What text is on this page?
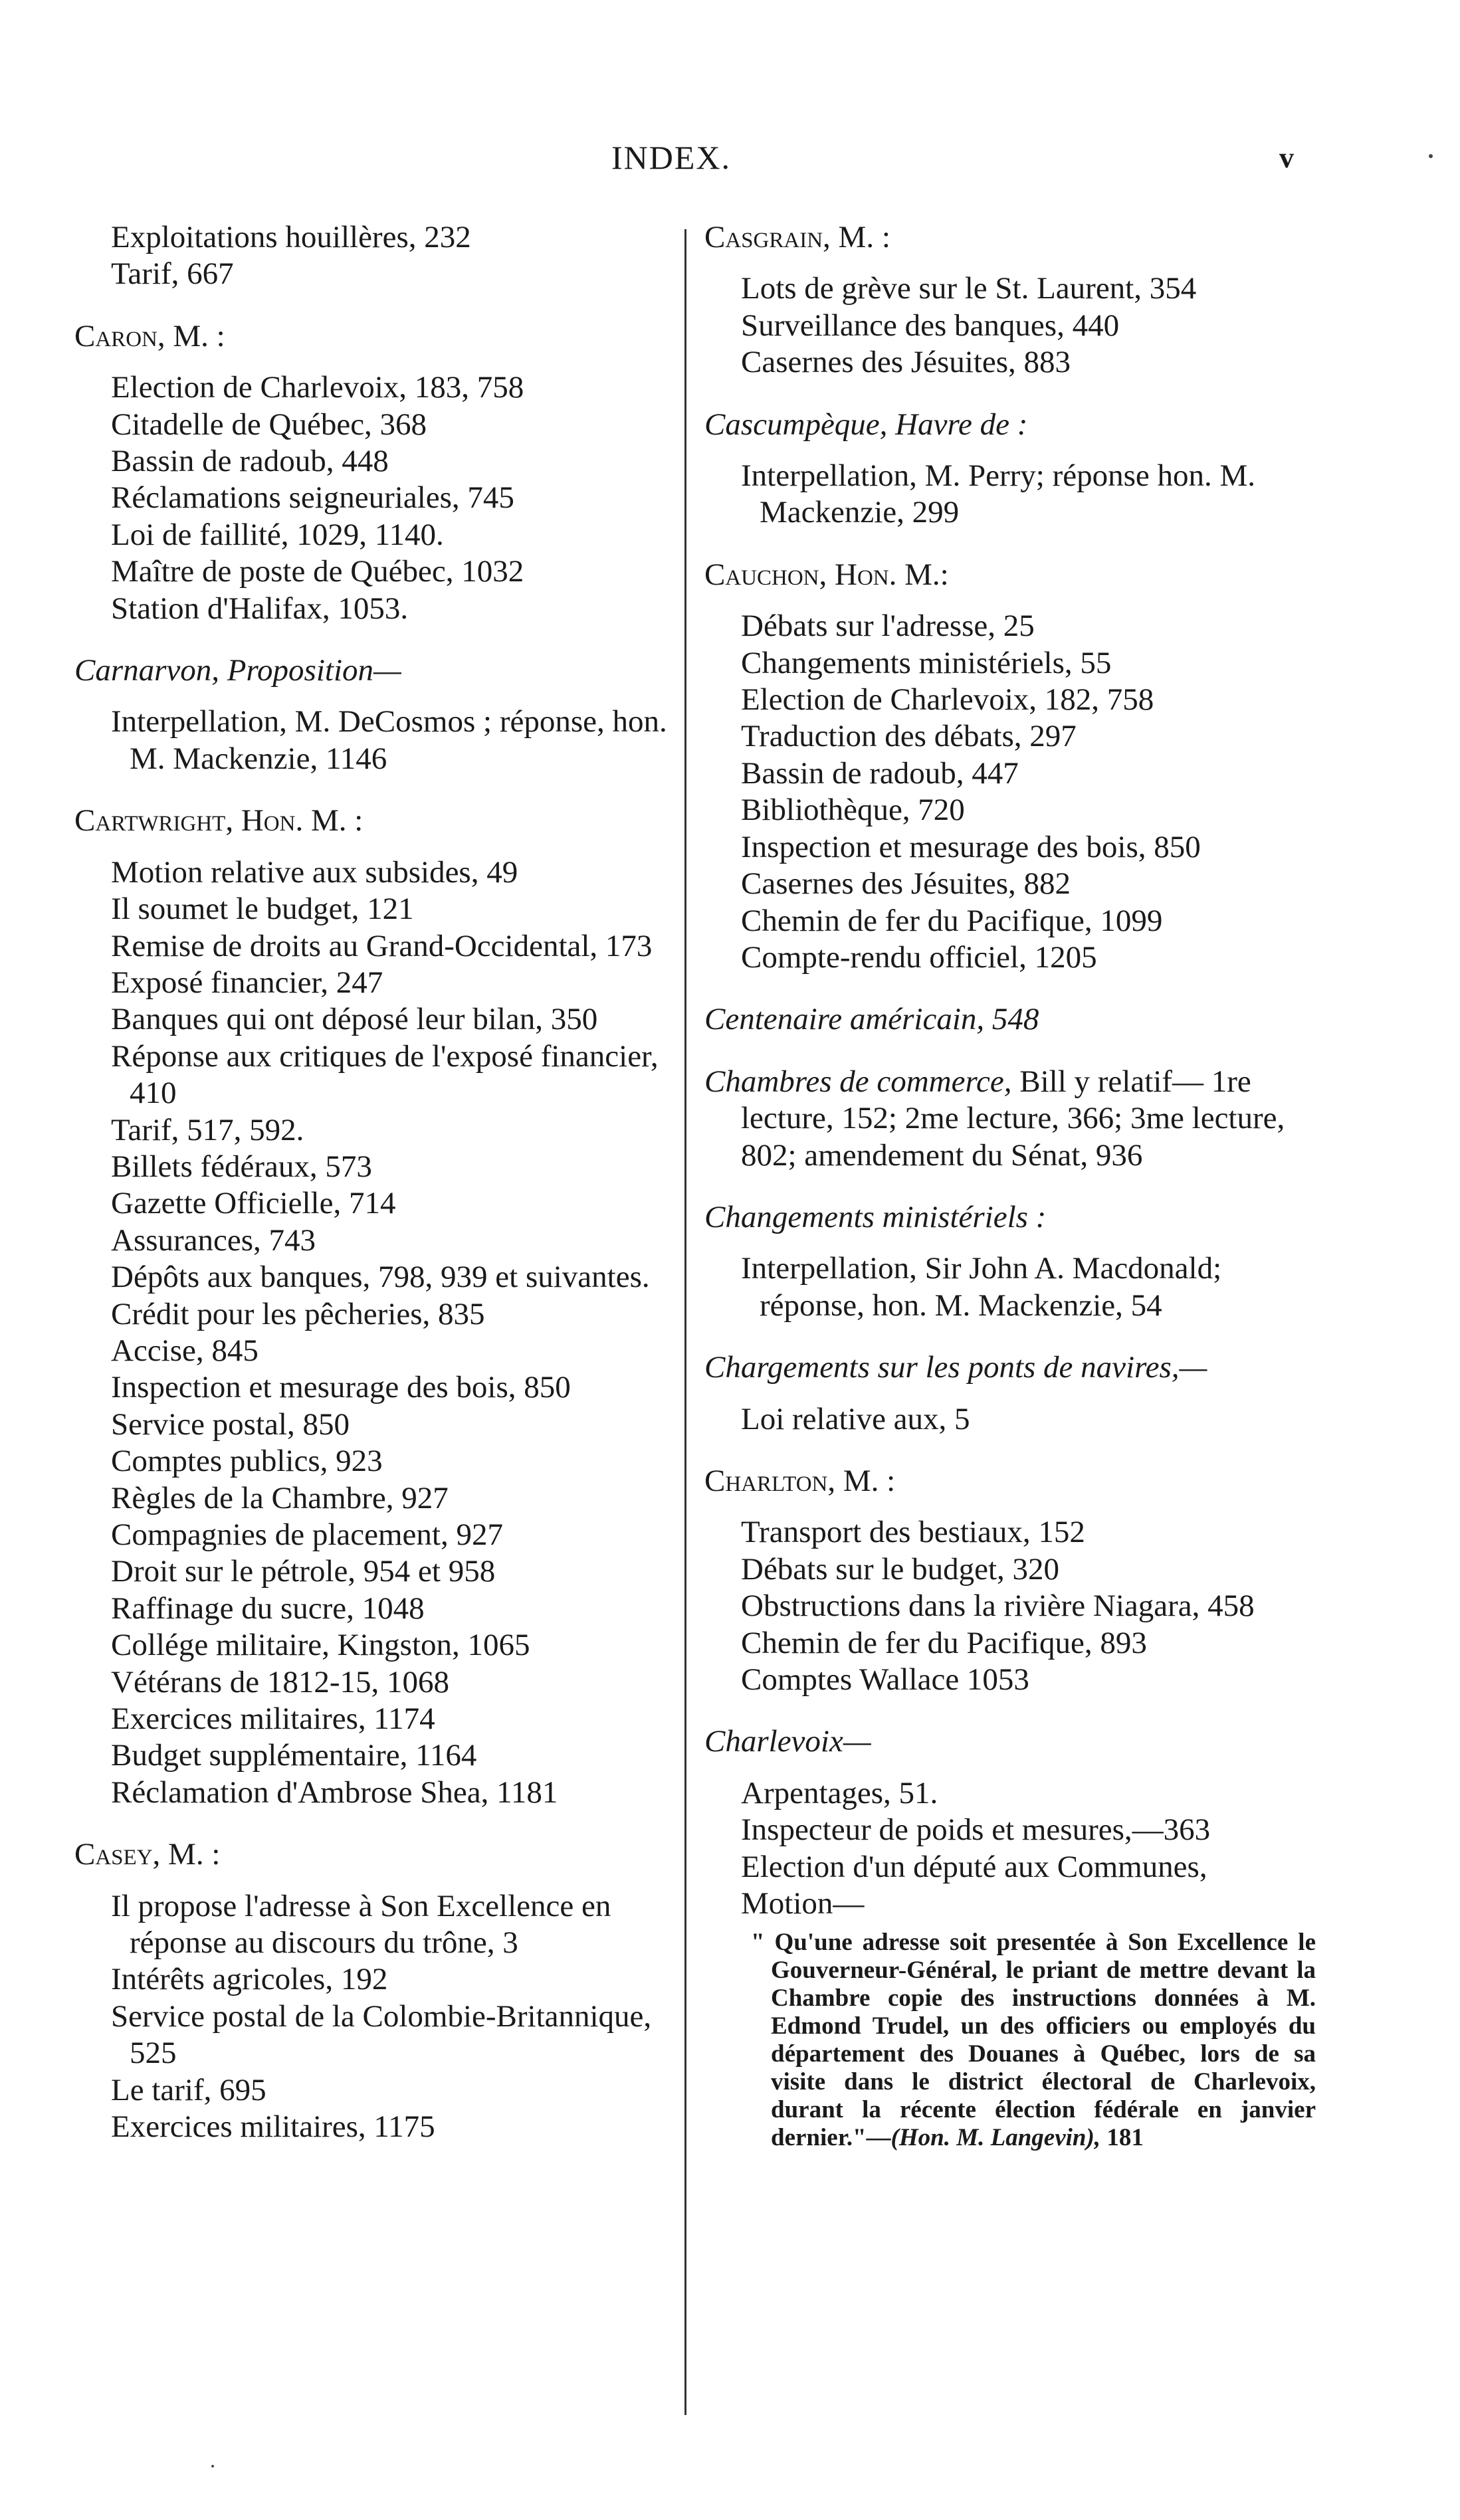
INDEX.	v
Exploitations houillères, 232
Tarif, 667
Caron, M. :
Election de Charlevoix, 183, 758
Citadelle de Québec, 368
Bassin de radoub, 448
Réclamations seigneuriales, 745
Loi de faillité, 1029, 1140.
Maître de poste de Québec, 1032
Station d'Halifax, 1053.
Carnarvon, Proposition—
Interpellation, M. DeCosmos ; réponse, hon. M. Mackenzie, 1146
Cartwright, Hon. M. :
Motion relative aux subsides, 49
Il soumet le budget, 121
Remise de droits au Grand-Occidental, 173
Exposé financier, 247
Banques qui ont déposé leur bilan, 350
Réponse aux critiques de l'exposé financier, 410
Tarif, 517, 592.
Billets fédéraux, 573
Gazette Officielle, 714
Assurances, 743
Dépôts aux banques, 798, 939 et suivantes.
Crédit pour les pêcheries, 835
Accise, 845
Inspection et mesurage des bois, 850
Service postal, 850
Comptes publics, 923
Règles de la Chambre, 927
Compagnies de placement, 927
Droit sur le pétrole, 954 et 958
Raffinage du sucre, 1048
Collége militaire, Kingston, 1065
Vétérans de 1812-15, 1068
Exercices militaires, 1174
Budget supplémentaire, 1164
Réclamation d'Ambrose Shea, 1181
Casey, M. :
Il propose l'adresse à Son Excellence en réponse au discours du trône, 3
Intérêts agricoles, 192
Service postal de la Colombie-Britannique, 525
Le tarif, 695
Exercices militaires, 1175
Casgrain, M. :
Lots de grève sur le St. Laurent, 354
Surveillance des banques, 440
Casernes des Jésuites, 883
Cascumpèque, Havre de :
Interpellation, M. Perry; réponse hon. M. Mackenzie, 299
Cauchon, Hon. M.:
Débats sur l'adresse, 25
Changements ministériels, 55
Election de Charlevoix, 182, 758
Traduction des débats, 297
Bassin de radoub, 447
Bibliothèque, 720
Inspection et mesurage des bois, 850
Casernes des Jésuites, 882
Chemin de fer du Pacifique, 1099
Compte-rendu officiel, 1205
Centenaire américain, 548
Chambres de commerce, Bill y relatif— 1re lecture, 152; 2me lecture, 366; 3me lecture, 802; amendement du Sénat, 936
Changements ministériels :
Interpellation, Sir John A. Macdonald; réponse, hon. M. Mackenzie, 54
Chargements sur les ponts de navires,—
Loi relative aux, 5
Charlton, M. :
Transport des bestiaux, 152
Débats sur le budget, 320
Obstructions dans la rivière Niagara, 458
Chemin de fer du Pacifique, 893
Comptes Wallace 1053
Charlevoix—
Arpentages, 51.
Inspecteur de poids et mesures,—363
Election d'un député aux Communes,
Motion—
" Qu'une adresse soit presentée à Son Excellence le Gouverneur-Général, le priant de mettre devant la Chambre copie des instructions données à M. Edmond Trudel, un des officiers ou employés du département des Douanes à Québec, lors de sa visite dans le district électoral de Charlevoix, durant la récente élection fédérale en janvier dernier."—(Hon. M. Langevin), 181
